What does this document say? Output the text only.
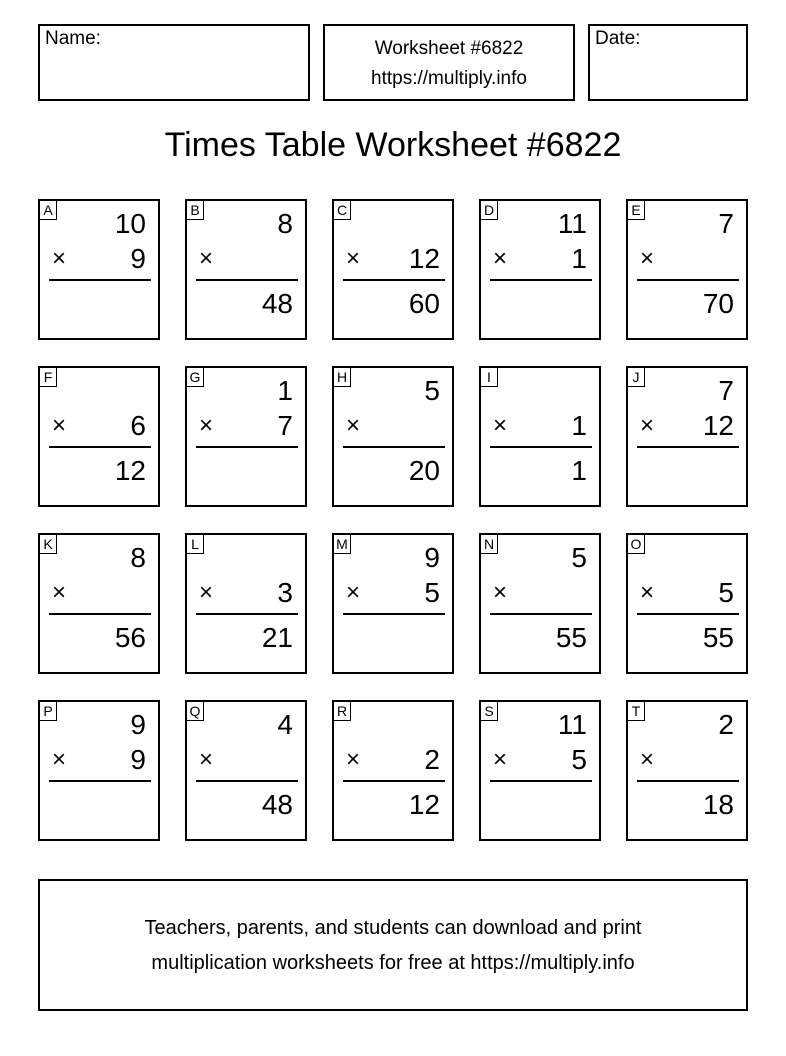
Name:	Worksheet #6822
https://multiply.info
Date:
Times Table Worksheet #6822
A 10
× 9
B	8
×
48
C
× 12
60
D 11
× 1
E	7
×
70
F
× 6
12
G	1
× 7
H	5
×
20
I
× 1
1
J	7
× 12
K	8
×
56
L
× 3
21
M	9
× 5
N	5
×
55
O
× 5
55
P	9
× 9
Q	4
×
48
R
× 2
12
S 11
× 5
T	2
×
18
Teachers, parents, and students can download and print
multiplication worksheets for free at https://multiply.info
